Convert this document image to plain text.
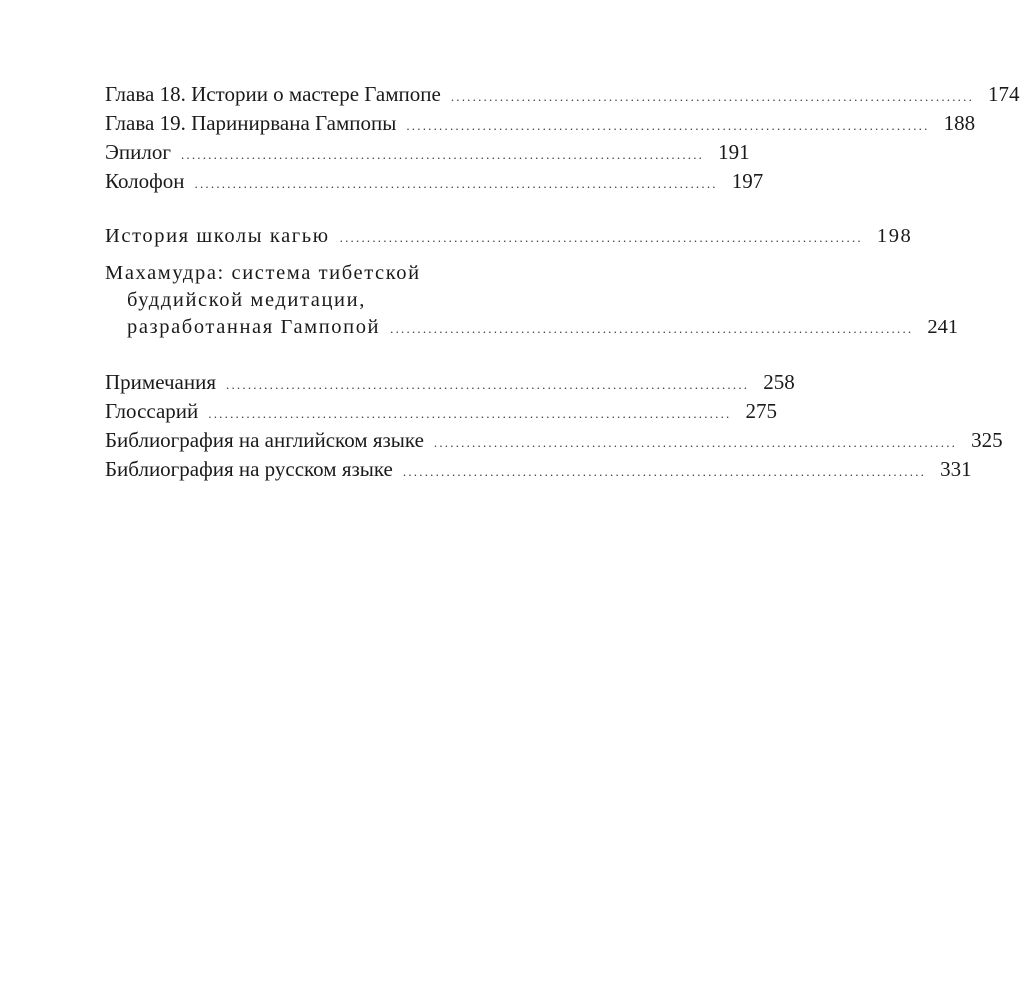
Глава 18. Истории о мастере Гампопе ................................................................................................ 174
Глава 19. Паринирвана Гампопы ................................................................................................ 188
Эпилог ................................................................................................ 191
Колофон ................................................................................................ 197
История школы кагью ................................................................................................ 198
Махамудра: система тибетской
буддийской медитации,
разработанная Гампопой ................................................................................................ 241
Примечания ................................................................................................ 258
Глоссарий ................................................................................................ 275
Библиография на английском языке ................................................................................................ 325
Библиография на русском языке ................................................................................................ 331
